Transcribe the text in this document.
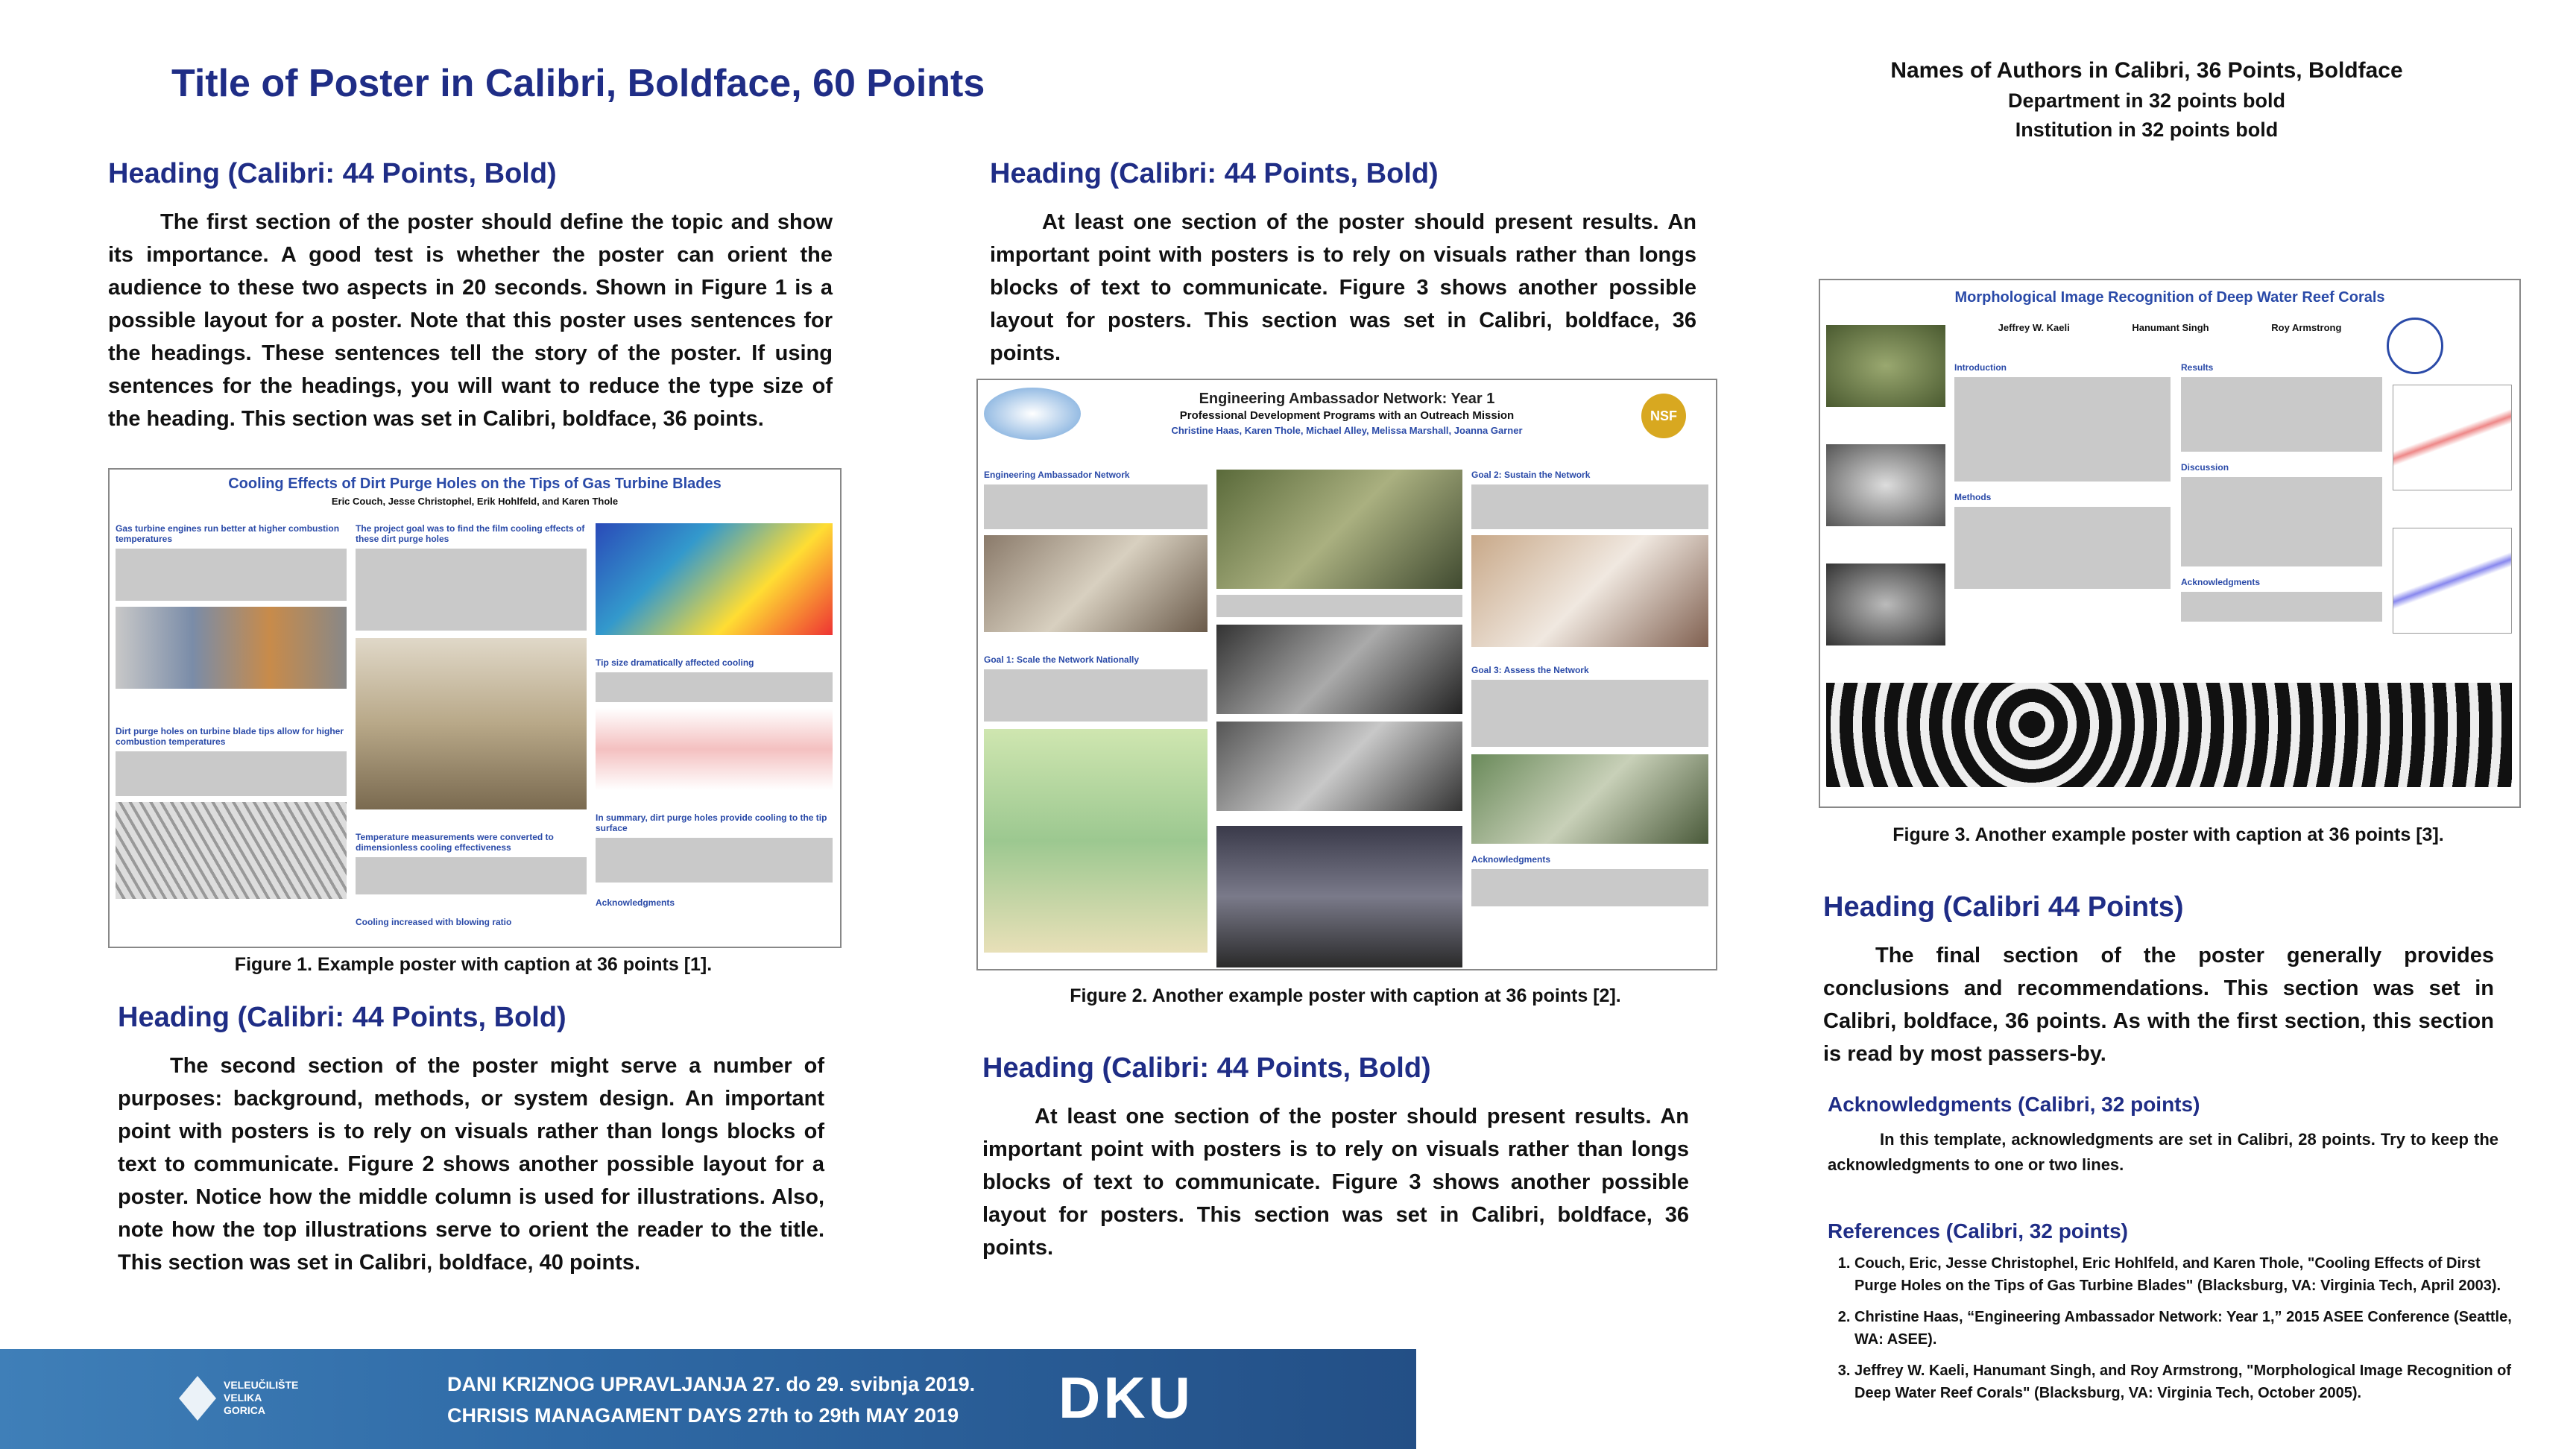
Title of Poster in Calibri, Boldface, 60 Points	Names of Authors in Calibri, 36 Points, Boldface
Department in 32 points bold
Institution in 32 points bold
Heading (Calibri: 44 Points, Bold)
The first section of the poster should define the topic and show its importance. A good test is whether the poster can orient the audience to these two aspects in 20 seconds. Shown in Figure 1 is a possible layout for a poster. Note that this poster uses sentences for the headings. These sentences tell the story of the poster. If using sentences for the headings, you will want to reduce the type size of the heading. This section was set in Calibri, boldface, 36 points.
Cooling Effects of Dirt Purge Holes on the Tips of Gas Turbine Blades
Eric Couch, Jesse Christophel, Erik Hohlfeld, and Karen Thole
Gas turbine engines run better at higher combustion temperatures
Dirt purge holes on turbine blade tips allow for higher combustion temperatures
The project goal was to find the film cooling effects of these dirt purge holes
Temperature measurements were converted to dimensionless cooling effectiveness
Cooling increased with blowing ratio
Tip size dramatically affected cooling
In summary, dirt purge holes provide cooling to the tip surface
Acknowledgments
Figure 1. Example poster with caption at 36 points [1].
Heading (Calibri: 44 Points, Bold)
The second section of the poster might serve a number of purposes: background, methods, or system design. An important point with posters is to rely on visuals rather than longs blocks of text to communicate. Figure 2 shows another possible layout for a poster. Notice how the middle column is used for illustrations. Also, note how the top illustrations serve to orient the reader to the title. This section was set in Calibri, boldface, 40 points.
Heading (Calibri: 44 Points, Bold)
At least one section of the poster should present results. An important point with posters is to rely on visuals rather than longs blocks of text to communicate. Figure 3 shows another possible layout for posters. This section was set in Calibri, boldface, 36 points.
NSF
Engineering Ambassador Network: Year 1
Professional Development Programs with an Outreach Mission
Christine Haas, Karen Thole, Michael Alley, Melissa Marshall, Joanna Garner
Engineering Ambassador Network
Goal 1: Scale the Network Nationally
Goal 2: Sustain the Network
Goal 3: Assess the Network
Acknowledgments
Figure 2. Another example poster with caption at 36 points [2].
Heading (Calibri: 44 Points, Bold)
At least one section of the poster should present results. An important point with posters is to rely on visuals rather than longs blocks of text to communicate. Figure 3 shows another possible layout for posters. This section was set in Calibri, boldface, 36 points.
Morphological Image Recognition of Deep Water Reef Corals
Jeffrey W. Kaeli	Hanumant Singh	Roy Armstrong
Introduction
Methods
Results
Discussion
Acknowledgments
Figure 3. Another example poster with caption at 36 points [3].
Heading (Calibri 44 Points)
The final section of the poster generally provides conclusions and recommendations. This section was set in Calibri, boldface, 36 points. As with the first section, this section is read by most passers-by.
Acknowledgments (Calibri, 32 points)
In this template, acknowledgments are set in Calibri, 28 points. Try to keep the acknowledgments to one or two lines.
References (Calibri, 32 points)
1. Couch, Eric, Jesse Christophel, Eric Hohlfeld, and Karen Thole, "Cooling Effects of Dirst Purge Holes on the Tips of Gas Turbine Blades" (Blacksburg, VA: Virginia Tech, April 2003).
2. Christine Haas, “Engineering Ambassador Network: Year 1,” 2015 ASEE Conference (Seattle, WA: ASEE).
3. Jeffrey W. Kaeli, Hanumant Singh, and Roy Armstrong, "Morphological Image Recognition of Deep Water Reef Corals" (Blacksburg, VA: Virginia Tech, October 2005).
VELEUČILIŠTE
VELIKA
GORICA
DANI KRIZNOG UPRAVLJANJA 27. do 29. svibnja 2019.
CHRISIS MANAGAMENT DAYS 27th to 29th MAY 2019 DKU
